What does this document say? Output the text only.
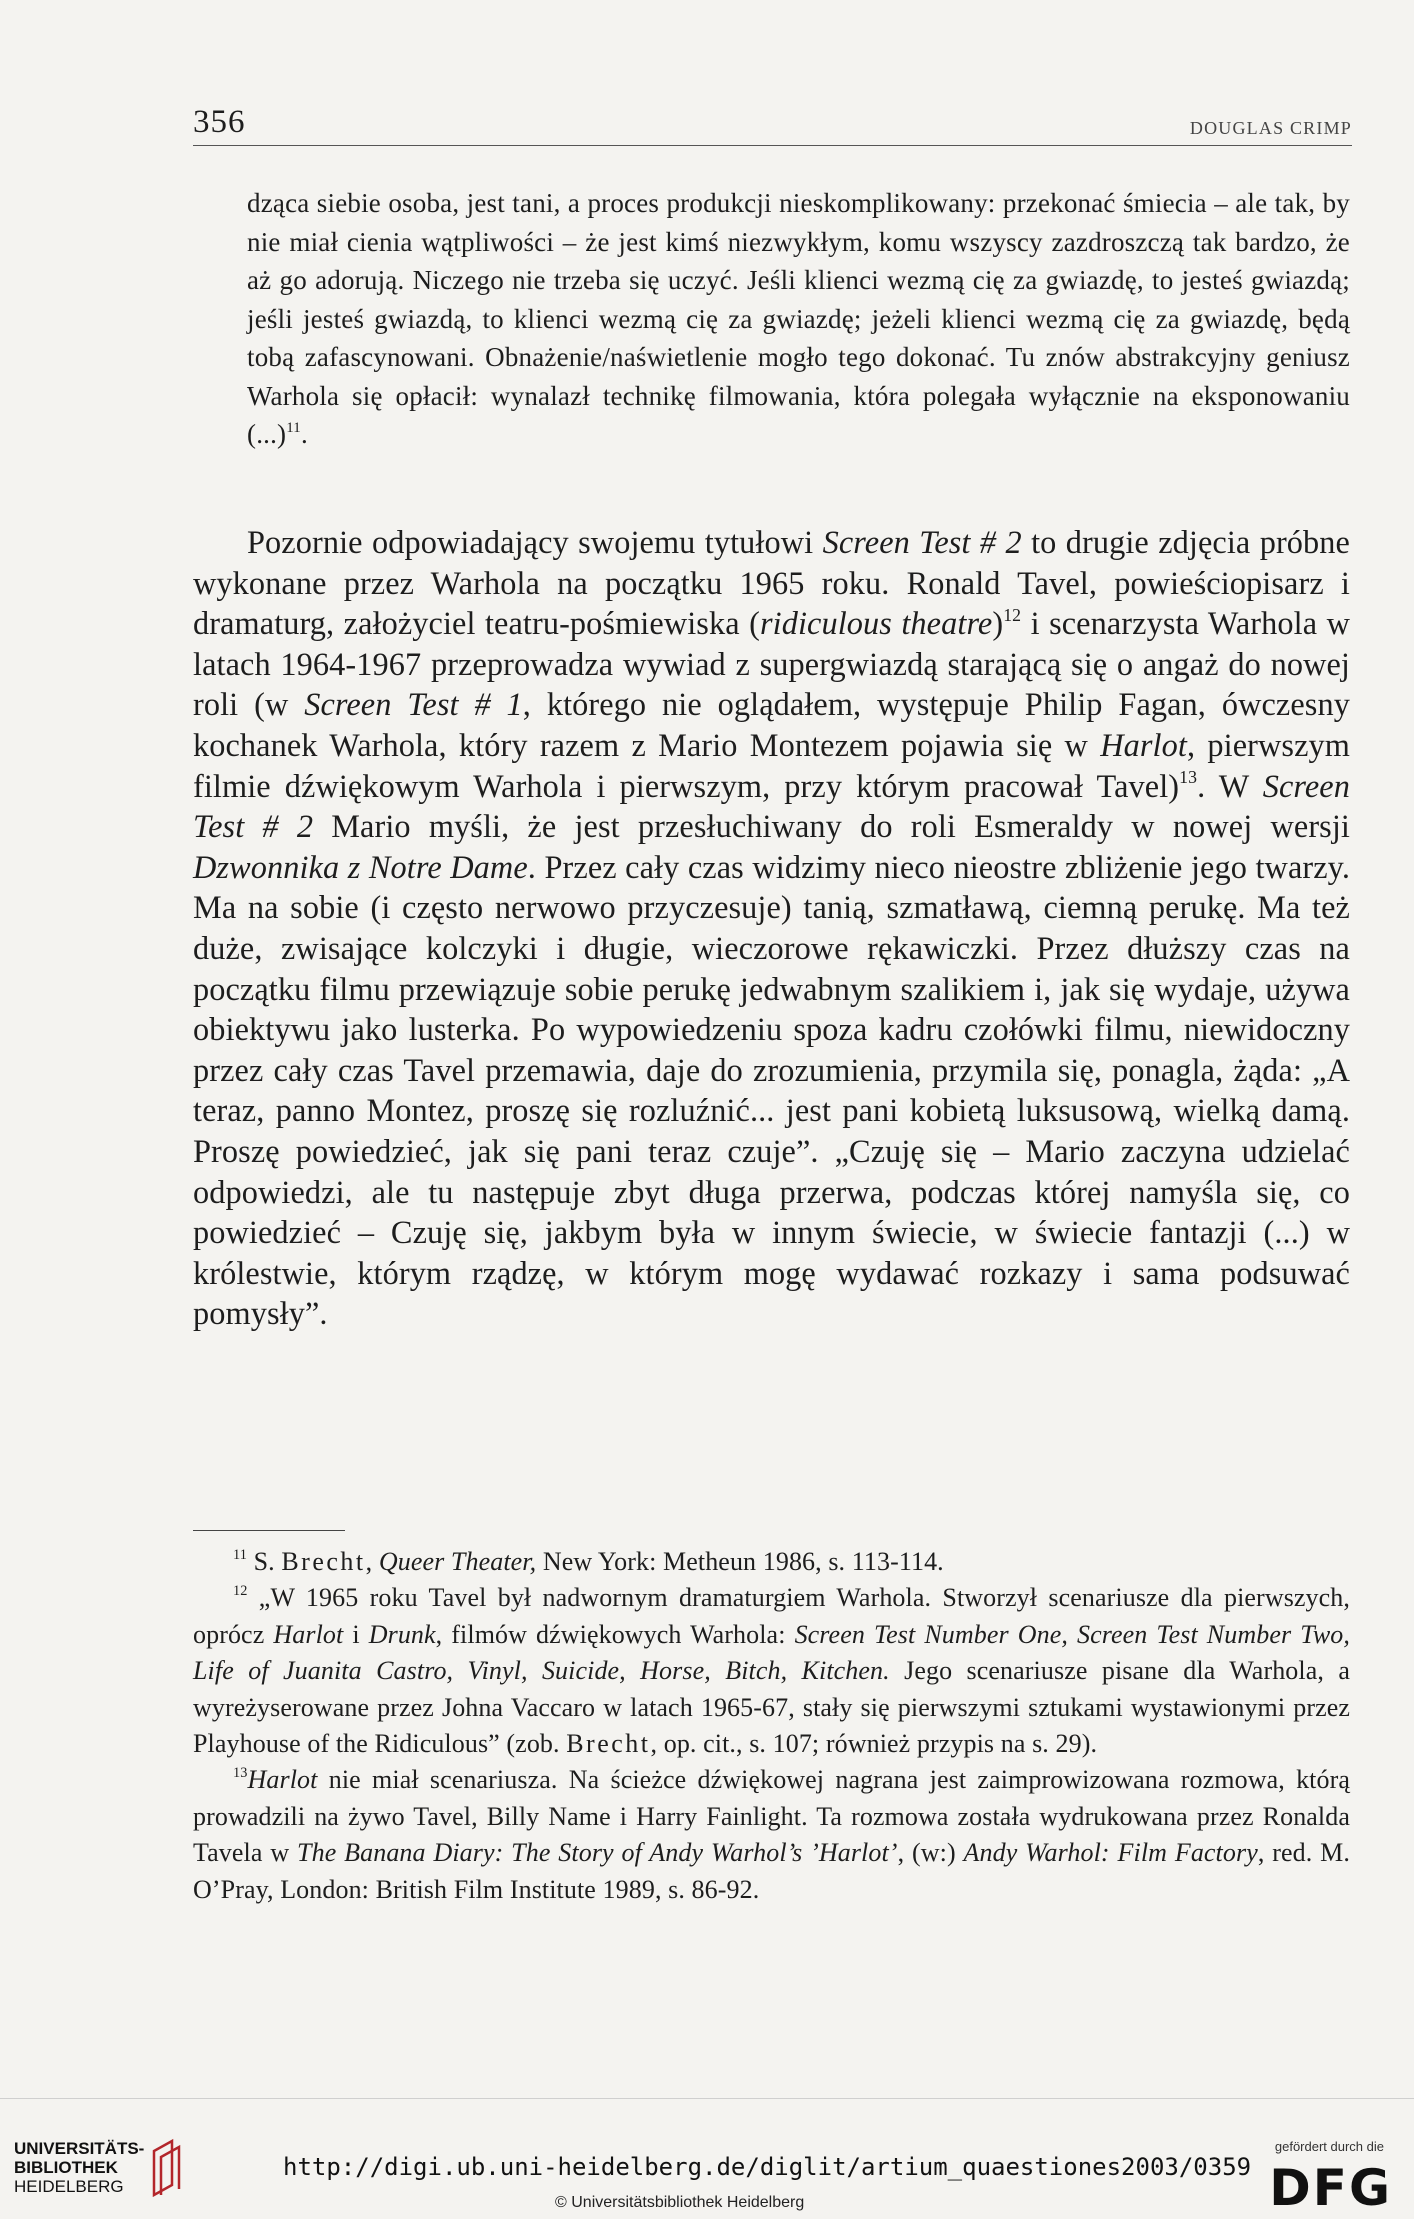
356	DOUGLAS CRIMP

dząca siebie osoba, jest tani, a proces produkcji nieskomplikowany: przekonać śmiecia – ale tak, by nie miał cienia wątpliwości – że jest kimś niezwykłym, komu wszyscy zazdroszczą tak bardzo, że aż go adorują. Niczego nie trzeba się uczyć. Jeśli klienci wezmą cię za gwiazdę, to jesteś gwiazdą; jeśli jesteś gwiazdą, to klienci wezmą cię za gwiazdę; jeżeli klienci wezmą cię za gwiazdę, będą tobą zafascynowani. Obnażenie/naświetlenie mogło tego dokonać. Tu znów abstrakcyjny geniusz Warhola się opłacił: wynalazł technikę filmowania, która polegała wyłącznie na eksponowaniu (...)$^{11}$.

Pozornie odpowiadający swojemu tytułowi Screen Test # 2 to drugie zdjęcia próbne wykonane przez Warhola na początku 1965 roku. Ronald Tavel, powieściopisarz i dramaturg, założyciel teatru-pośmiewiska (ridiculous theatre)$^{12}$ i scenarzysta Warhola w latach 1964-1967 przeprowadza wywiad z supergwiazdą starającą się o angaż do nowej roli (w Screen Test # 1, którego nie oglądałem, występuje Philip Fagan, ówczesny kochanek Warhola, który razem z Mario Montezem pojawia się w Harlot, pierwszym filmie dźwiękowym Warhola i pierwszym, przy którym pracował Tavel)$^{13}$. W Screen Test # 2 Mario myśli, że jest przesłuchiwany do roli Esmeraldy w nowej wersji Dzwonnika z Notre Dame. Przez cały czas widzimy nieco nieostre zbliżenie jego twarzy. Ma na sobie (i często nerwowo przyczesuje) tanią, szmatławą, ciemną perukę. Ma też duże, zwisające kolczyki i długie, wieczorowe rękawiczki. Przez dłuższy czas na początku filmu przewiązuje sobie perukę jedwabnym szalikiem i, jak się wydaje, używa obiektywu jako lusterka. Po wypowiedzeniu spoza kadru czołówki filmu, niewidoczny przez cały czas Tavel przemawia, daje do zrozumienia, przymila się, ponagla, żąda: „A teraz, panno Montez, proszę się rozluźnić... jest pani kobietą luksusową, wielką damą. Proszę powiedzieć, jak się pani teraz czuje”. „Czuję się – Mario zaczyna udzielać odpowiedzi, ale tu następuje zbyt długa przerwa, podczas której namyśla się, co powiedzieć – Czuję się, jakbym była w innym świecie, w świecie fantazji (...) w królestwie, którym rządzę, w którym mogę wydawać rozkazy i sama podsuwać pomysły”.

$^{11}$ S. Brecht, Queer Theater, New York: Metheun 1986, s. 113-114.

$^{12}$ „W 1965 roku Tavel był nadwornym dramaturgiem Warhola. Stworzył scenariusze dla pierwszych, oprócz Harlot i Drunk, filmów dźwiękowych Warhola: Screen Test Number One, Screen Test Number Two, Life of Juanita Castro, Vinyl, Suicide, Horse, Bitch, Kitchen. Jego scenariusze pisane dla Warhola, a wyreżyserowane przez Johna Vaccaro w latach 1965-67, stały się pierwszymi sztukami wystawionymi przez Playhouse of the Ridiculous” (zob. Brecht, op. cit., s. 107; również przypis na s. 29).

$^{13}$Harlot nie miał scenariusza. Na ścieżce dźwiękowej nagrana jest zaimprowizowana rozmowa, którą prowadzili na żywo Tavel, Billy Name i Harry Fainlight. Ta rozmowa została wydrukowana przez Ronalda Tavela w The Banana Diary: The Story of Andy Warhol’s ’Harlot’, (w:) Andy Warhol: Film Factory, red. M. O’Pray, London: British Film Institute 1989, s. 86-92.

UNIVERSITÄTS-
BIBLIOTHEK
HEIDELBERG
http://digi.ub.uni-heidelberg.de/diglit/artium_quaestiones2003/0359
© Universitätsbibliothek Heidelberg
gefördert durch die
DFG
